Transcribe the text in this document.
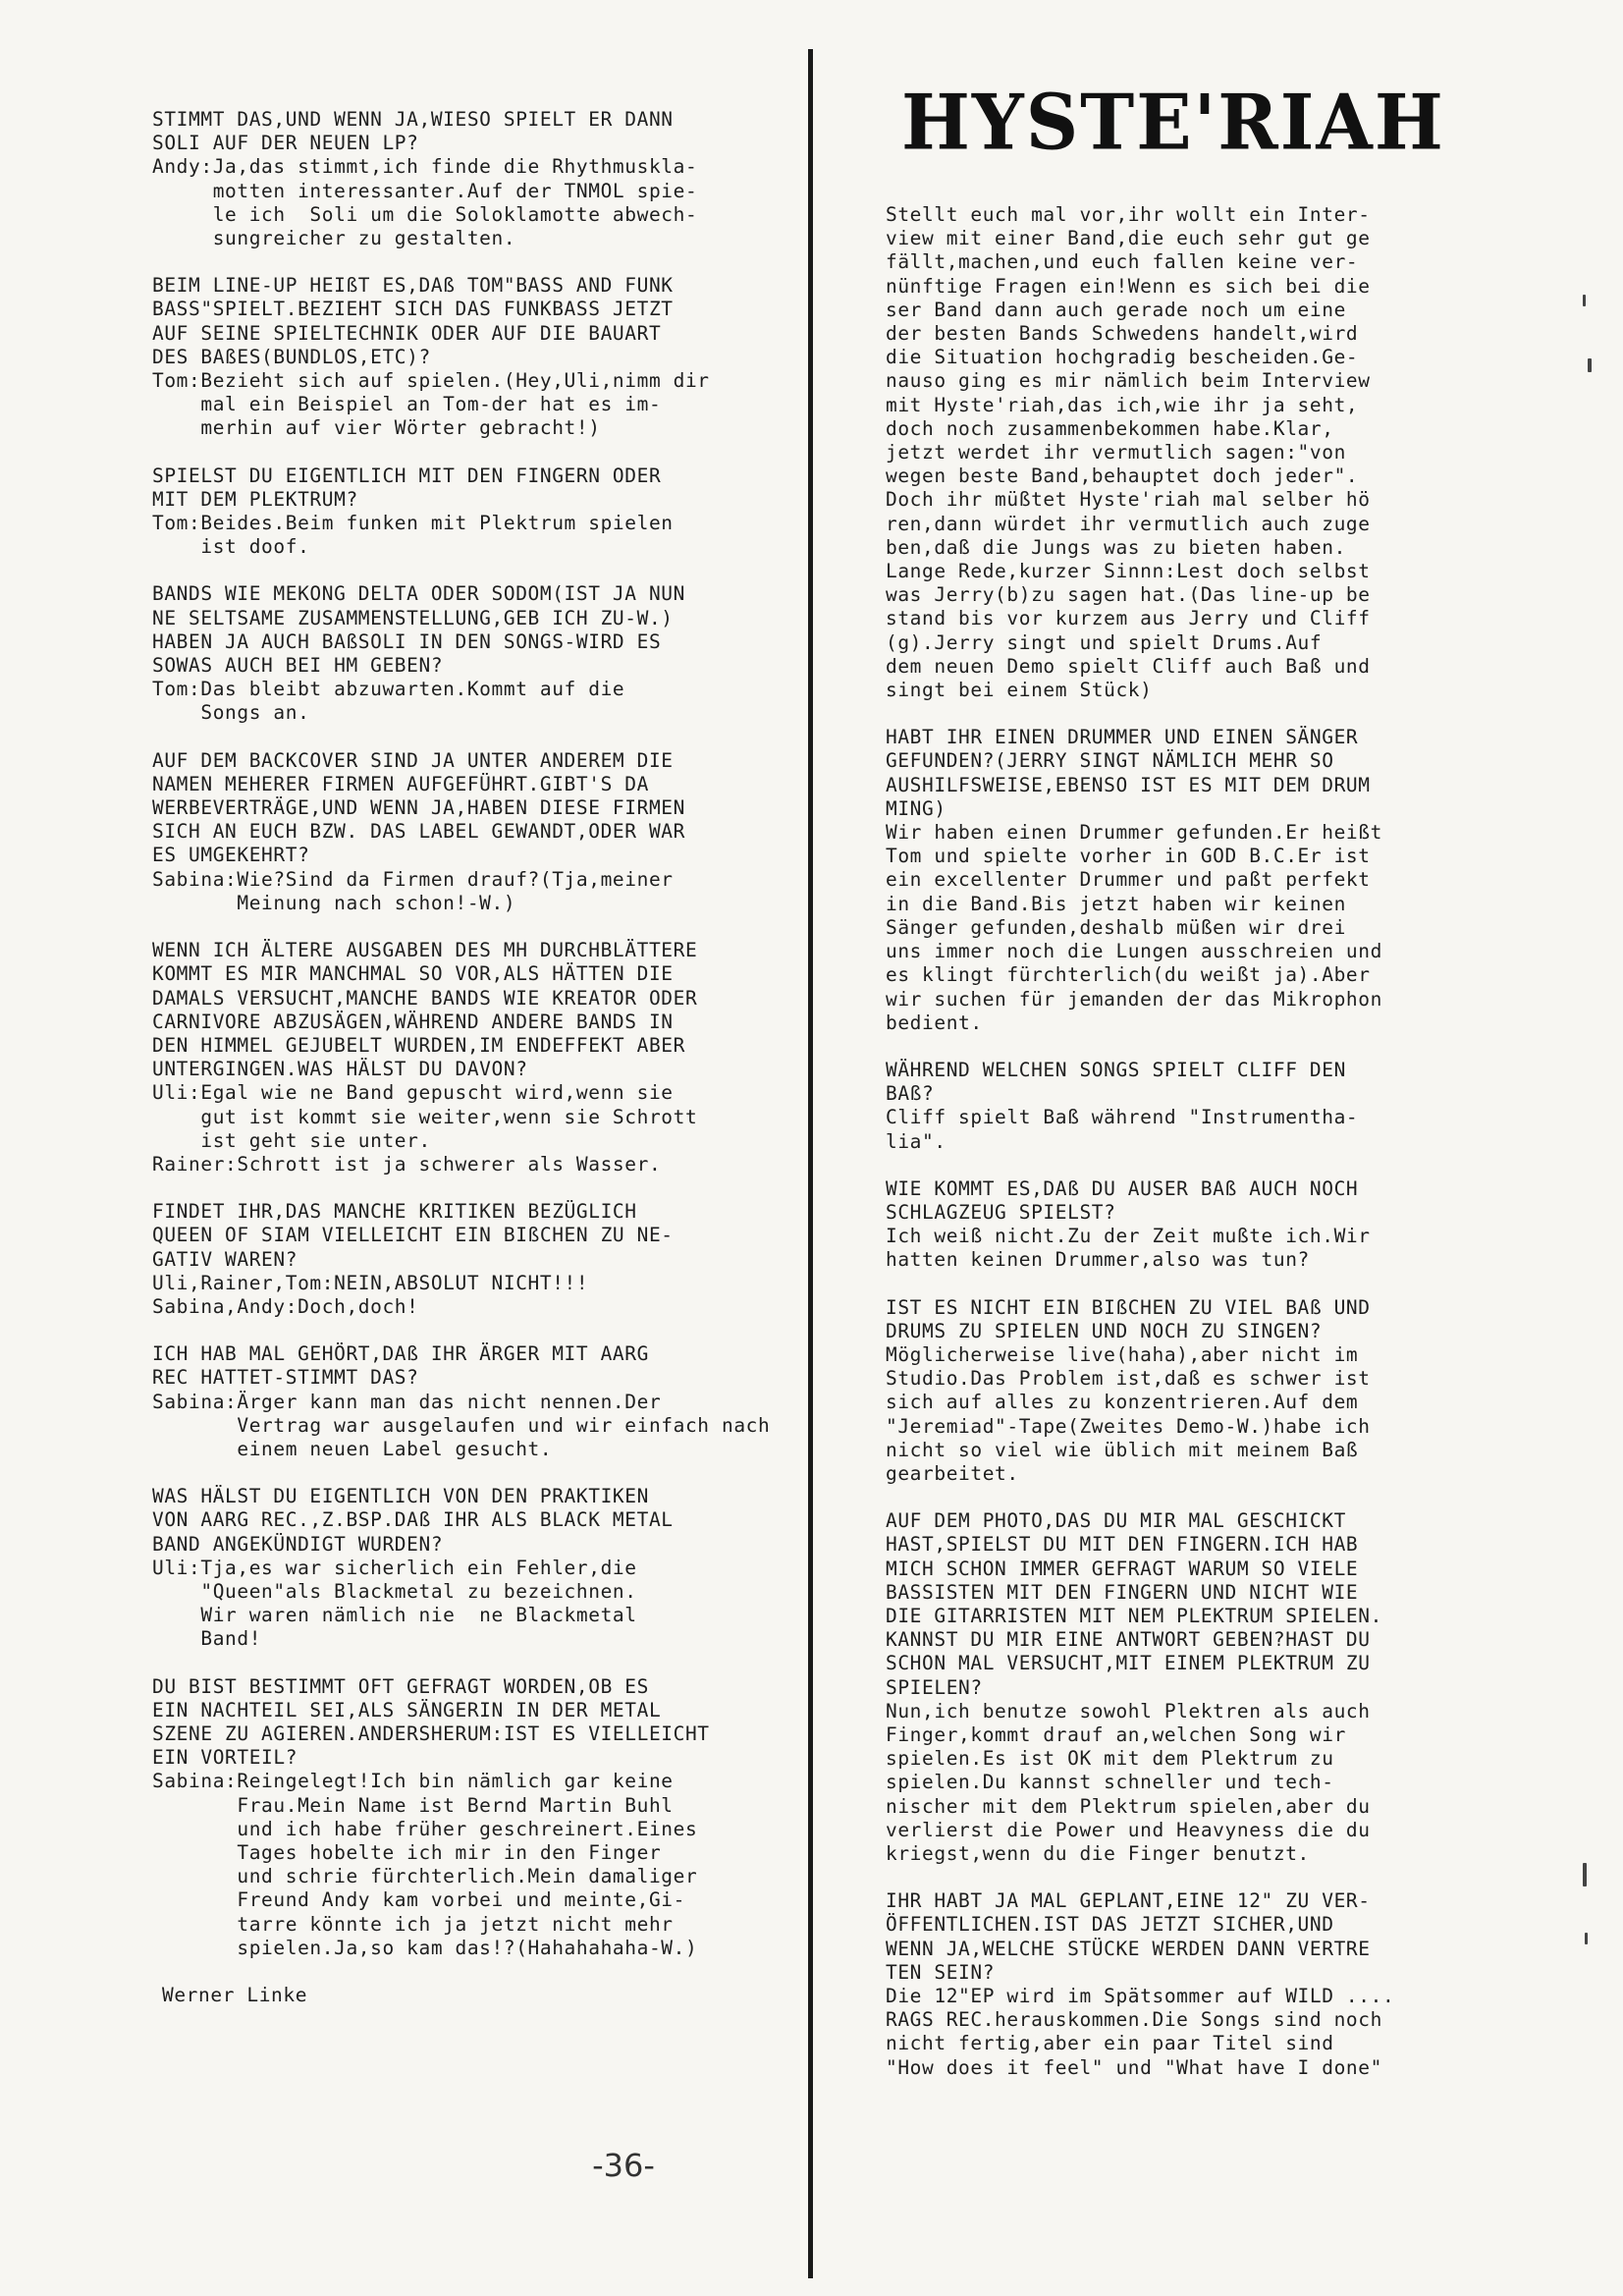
STIMMT DAS,UND WENN JA,WIESO SPIELT ER DANN
SOLI AUF DER NEUEN LP?
Andy:Ja,das stimmt,ich finde die Rhythmuskla-
motten interessanter.Auf der TNMOL spie-
le ich  Soli um die Soloklamotte abwech-
sungreicher zu gestalten.
BEIM LINE-UP HEIßT ES,DAß TOM"BASS AND FUNK
BASS"SPIELT.BEZIEHT SICH DAS FUNKBASS JETZT
AUF SEINE SPIELTECHNIK ODER AUF DIE BAUART
DES BAßES(BUNDLOS,ETC)?
Tom:Bezieht sich auf spielen.(Hey,Uli,nimm dir
mal ein Beispiel an Tom-der hat es im-
merhin auf vier Wörter gebracht!)
SPIELST DU EIGENTLICH MIT DEN FINGERN ODER
MIT DEM PLEKTRUM?
Tom:Beides.Beim funken mit Plektrum spielen
ist doof.
BANDS WIE MEKONG DELTA ODER SODOM(IST JA NUN
NE SELTSAME ZUSAMMENSTELLUNG,GEB ICH ZU-W.)
HABEN JA AUCH BAßSOLI IN DEN SONGS-WIRD ES
SOWAS AUCH BEI HM GEBEN?
Tom:Das bleibt abzuwarten.Kommt auf die
Songs an.
AUF DEM BACKCOVER SIND JA UNTER ANDEREM DIE
NAMEN MEHERER FIRMEN AUFGEFÜHRT.GIBT'S DA
WERBEVERTRÄGE,UND WENN JA,HABEN DIESE FIRMEN
SICH AN EUCH BZW. DAS LABEL GEWANDT,ODER WAR
ES UMGEKEHRT?
Sabina:Wie?Sind da Firmen drauf?(Tja,meiner
Meinung nach schon!-W.)
WENN ICH ÄLTERE AUSGABEN DES MH DURCHBLÄTTERE
KOMMT ES MIR MANCHMAL SO VOR,ALS HÄTTEN DIE
DAMALS VERSUCHT,MANCHE BANDS WIE KREATOR ODER
CARNIVORE ABZUSÄGEN,WÄHREND ANDERE BANDS IN
DEN HIMMEL GEJUBELT WURDEN,IM ENDEFFEKT ABER
UNTERGINGEN.WAS HÄLST DU DAVON?
Uli:Egal wie ne Band gepuscht wird,wenn sie
gut ist kommt sie weiter,wenn sie Schrott
ist geht sie unter.
Rainer:Schrott ist ja schwerer als Wasser.
FINDET IHR,DAS MANCHE KRITIKEN BEZÜGLICH
QUEEN OF SIAM VIELLEICHT EIN BIßCHEN ZU NE-
GATIV WAREN?
Uli,Rainer,Tom:NEIN,ABSOLUT NICHT!!!
Sabina,Andy:Doch,doch!
ICH HAB MAL GEHÖRT,DAß IHR ÄRGER MIT AARG
REC HATTET-STIMMT DAS?
Sabina:Ärger kann man das nicht nennen.Der
Vertrag war ausgelaufen und wir einfach nach
einem neuen Label gesucht.
WAS HÄLST DU EIGENTLICH VON DEN PRAKTIKEN
VON AARG REC.,Z.BSP.DAß IHR ALS BLACK METAL
BAND ANGEKÜNDIGT WURDEN?
Uli:Tja,es war sicherlich ein Fehler,die
"Queen"als Blackmetal zu bezeichnen.
Wir waren nämlich nie  ne Blackmetal
Band!
DU BIST BESTIMMT OFT GEFRAGT WORDEN,OB ES
EIN NACHTEIL SEI,ALS SÄNGERIN IN DER METAL
SZENE ZU AGIEREN.ANDERSHERUM:IST ES VIELLEICHT
EIN VORTEIL?
Sabina:Reingelegt!Ich bin nämlich gar keine
Frau.Mein Name ist Bernd Martin Buhl
und ich habe früher geschreinert.Eines
Tages hobelte ich mir in den Finger
und schrie fürchterlich.Mein damaliger
Freund Andy kam vorbei und meinte,Gi-
tarre könnte ich ja jetzt nicht mehr
spielen.Ja,so kam das!?(Hahahahaha-W.)
Werner Linke
HYSTE'RIAH
Stellt euch mal vor,ihr wollt ein Inter-
view mit einer Band,die euch sehr gut ge
fällt,machen,und euch fallen keine ver-
nünftige Fragen ein!Wenn es sich bei die
ser Band dann auch gerade noch um eine
der besten Bands Schwedens handelt,wird
die Situation hochgradig bescheiden.Ge-
nauso ging es mir nämlich beim Interview
mit Hyste'riah,das ich,wie ihr ja seht,
doch noch zusammenbekommen habe.Klar,
jetzt werdet ihr vermutlich sagen:"von
wegen beste Band,behauptet doch jeder".
Doch ihr müßtet Hyste'riah mal selber hö
ren,dann würdet ihr vermutlich auch zuge
ben,daß die Jungs was zu bieten haben.
Lange Rede,kurzer Sinnn:Lest doch selbst
was Jerry(b)zu sagen hat.(Das line-up be
stand bis vor kurzem aus Jerry und Cliff
(g).Jerry singt und spielt Drums.Auf
dem neuen Demo spielt Cliff auch Baß und
singt bei einem Stück)
HABT IHR EINEN DRUMMER UND EINEN SÄNGER
GEFUNDEN?(JERRY SINGT NÄMLICH MEHR SO
AUSHILFSWEISE,EBENSO IST ES MIT DEM DRUM
MING)
Wir haben einen Drummer gefunden.Er heißt
Tom und spielte vorher in GOD B.C.Er ist
ein excellenter Drummer und paßt perfekt
in die Band.Bis jetzt haben wir keinen
Sänger gefunden,deshalb müßen wir drei
uns immer noch die Lungen ausschreien und
es klingt fürchterlich(du weißt ja).Aber
wir suchen für jemanden der das Mikrophon
bedient.
WÄHREND WELCHEN SONGS SPIELT CLIFF DEN
BAß?
Cliff spielt Baß während "Instrumentha-
lia".
WIE KOMMT ES,DAß DU AUSER BAß AUCH NOCH
SCHLAGZEUG SPIELST?
Ich weiß nicht.Zu der Zeit mußte ich.Wir
hatten keinen Drummer,also was tun?
IST ES NICHT EIN BIßCHEN ZU VIEL BAß UND
DRUMS ZU SPIELEN UND NOCH ZU SINGEN?
Möglicherweise live(haha),aber nicht im
Studio.Das Problem ist,daß es schwer ist
sich auf alles zu konzentrieren.Auf dem
"Jeremiad"-Tape(Zweites Demo-W.)habe ich
nicht so viel wie üblich mit meinem Baß
gearbeitet.
AUF DEM PHOTO,DAS DU MIR MAL GESCHICKT
HAST,SPIELST DU MIT DEN FINGERN.ICH HAB
MICH SCHON IMMER GEFRAGT WARUM SO VIELE
BASSISTEN MIT DEN FINGERN UND NICHT WIE
DIE GITARRISTEN MIT NEM PLEKTRUM SPIELEN.
KANNST DU MIR EINE ANTWORT GEBEN?HAST DU
SCHON MAL VERSUCHT,MIT EINEM PLEKTRUM ZU
SPIELEN?
Nun,ich benutze sowohl Plektren als auch
Finger,kommt drauf an,welchen Song wir
spielen.Es ist OK mit dem Plektrum zu
spielen.Du kannst schneller und tech-
nischer mit dem Plektrum spielen,aber du
verlierst die Power und Heavyness die du
kriegst,wenn du die Finger benutzt.
IHR HABT JA MAL GEPLANT,EINE 12" ZU VER-
ÖFFENTLICHEN.IST DAS JETZT SICHER,UND
WENN JA,WELCHE STÜCKE WERDEN DANN VERTRE
TEN SEIN?
Die 12"EP wird im Spätsommer auf WILD ....
RAGS REC.herauskommen.Die Songs sind noch
nicht fertig,aber ein paar Titel sind
"How does it feel" und "What have I done"
-36-
